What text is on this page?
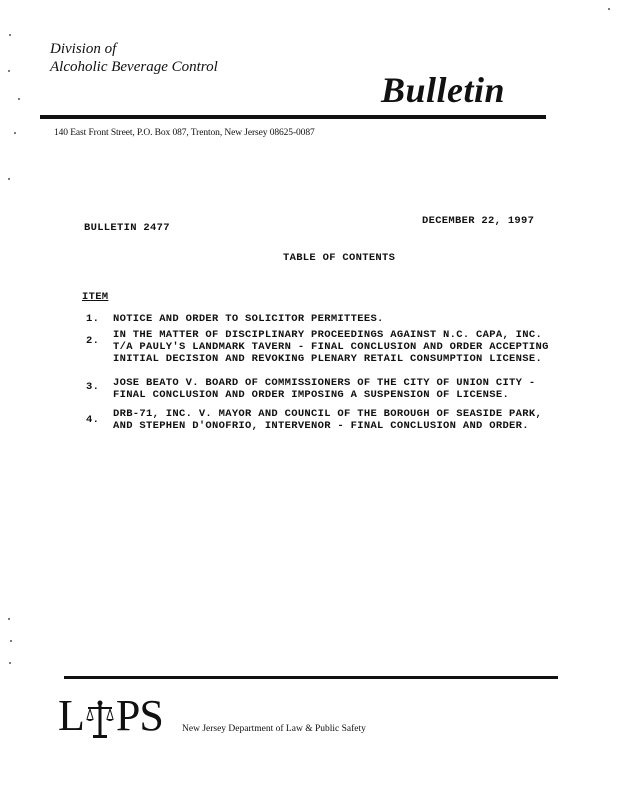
Division of
Alcoholic Beverage Control
Bulletin
140 East Front Street, P.O. Box 087, Trenton, New Jersey 08625-0087
BULLETIN 2477
DECEMBER 22, 1997
TABLE OF CONTENTS
ITEM
1. NOTICE AND ORDER TO SOLICITOR PERMITTEES.
2. IN THE MATTER OF DISCIPLINARY PROCEEDINGS AGAINST N.C. CAPA, INC.
T/A PAULY'S LANDMARK TAVERN - FINAL CONCLUSION AND ORDER ACCEPTING
INITIAL DECISION AND REVOKING PLENARY RETAIL CONSUMPTION LICENSE.
3. JOSE BEATO V. BOARD OF COMMISSIONERS OF THE CITY OF UNION CITY -
FINAL CONCLUSION AND ORDER IMPOSING A SUSPENSION OF LICENSE.
4. DRB-71, INC. V. MAYOR AND COUNCIL OF THE BOROUGH OF SEASIDE PARK,
AND STEPHEN D'ONOFRIO, INTERVENOR - FINAL CONCLUSION AND ORDER.
L PS New Jersey Department of Law & Public Safety
